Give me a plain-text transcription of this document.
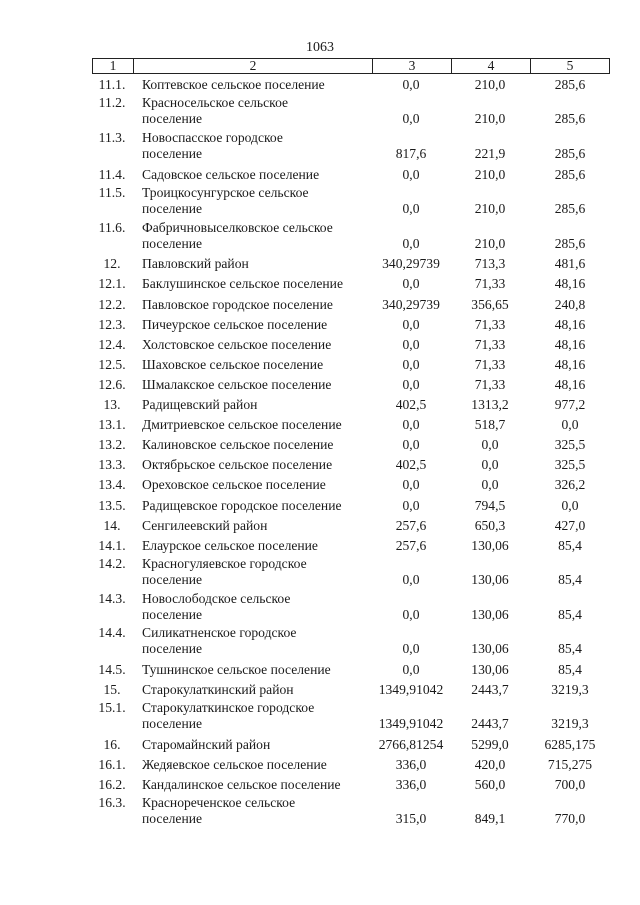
1063
1	2	3	4	5
11.1.	Коптевское сельское поселение	0,0	210,0	285,6
11.2.	Красносельское сельское
поселение	0,0	210,0	285,6
11.3.	Новоспасское городское
поселение	817,6	221,9	285,6
11.4.	Садовское сельское поселение	0,0	210,0	285,6
11.5.	Троицкосунгурское сельское
поселение	0,0	210,0	285,6
11.6.	Фабричновыселковское сельское
поселение	0,0	210,0	285,6
12.	Павловский район	340,29739	713,3	481,6
12.1.	Баклушинское сельское поселение	0,0	71,33	48,16
12.2.	Павловское городское поселение	340,29739	356,65	240,8
12.3.	Пичеурское сельское поселение	0,0	71,33	48,16
12.4.	Холстовское сельское поселение	0,0	71,33	48,16
12.5.	Шаховское сельское поселение	0,0	71,33	48,16
12.6.	Шмалакское сельское поселение	0,0	71,33	48,16
13.	Радищевский район	402,5	1313,2	977,2
13.1.	Дмитриевское сельское поселение	0,0	518,7	0,0
13.2.	Калиновское сельское поселение	0,0	0,0	325,5
13.3.	Октябрьское сельское поселение	402,5	0,0	325,5
13.4.	Ореховское сельское поселение	0,0	0,0	326,2
13.5.	Радищевское городское поселение	0,0	794,5	0,0
14.	Сенгилеевский район	257,6	650,3	427,0
14.1.	Елаурское сельское поселение	257,6	130,06	85,4
14.2.	Красногуляевское городское
поселение	0,0	130,06	85,4
14.3.	Новослободское сельское
поселение	0,0	130,06	85,4
14.4.	Силикатненское городское
поселение	0,0	130,06	85,4
14.5.	Тушнинское сельское поселение	0,0	130,06	85,4
15.	Старокулаткинский район	1349,91042	2443,7	3219,3
15.1.	Старокулаткинское городское
поселение	1349,91042	2443,7	3219,3
16.	Старомайнский район	2766,81254	5299,0	6285,175
16.1.	Жедяевское сельское поселение	336,0	420,0	715,275
16.2.	Кандалинское сельское поселение	336,0	560,0	700,0
16.3.	Краснореченское сельское
поселение	315,0	849,1	770,0
